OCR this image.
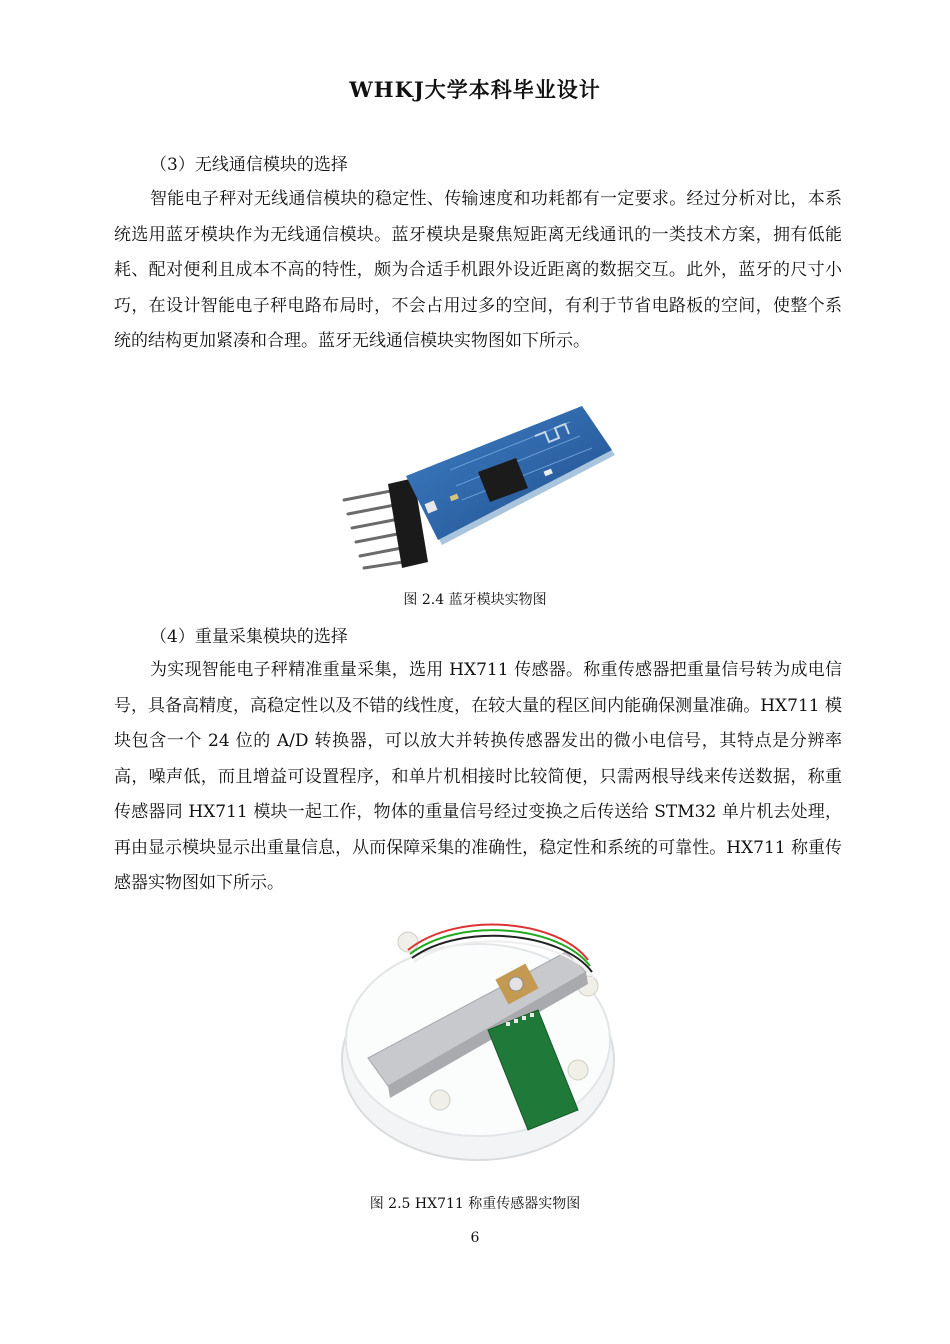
WHKJ大学本科毕业设计
（3）无线通信模块的选择
智能电子秤对无线通信模块的稳定性、传输速度和功耗都有一定要求。经过分析对比，本系统选用蓝牙模块作为无线通信模块。蓝牙模块是聚焦短距离无线通讯的一类技术方案，拥有低能耗、配对便利且成本不高的特性，颇为合适手机跟外设近距离的数据交互。此外，蓝牙的尺寸小巧，在设计智能电子秤电路布局时，不会占用过多的空间，有利于节省电路板的空间，使整个系统的结构更加紧凑和合理。蓝牙无线通信模块实物图如下所示。
图 2.4 蓝牙模块实物图
（4）重量采集模块的选择
为实现智能电子秤精准重量采集，选用 HX711 传感器。称重传感器把重量信号转为成电信号，具备高精度，高稳定性以及不错的线性度，在较大量的程区间内能确保测量准确。HX711 模块包含一个 24 位的 A/D 转换器，可以放大并转换传感器发出的微小电信号，其特点是分辨率高，噪声低，而且增益可设置程序，和单片机相接时比较简便，只需两根导线来传送数据，称重传感器同 HX711 模块一起工作，物体的重量信号经过变换之后传送给 STM32 单片机去处理，再由显示模块显示出重量信息，从而保障采集的准确性，稳定性和系统的可靠性。HX711 称重传感器实物图如下所示。
图 2.5 HX711 称重传感器实物图
6
